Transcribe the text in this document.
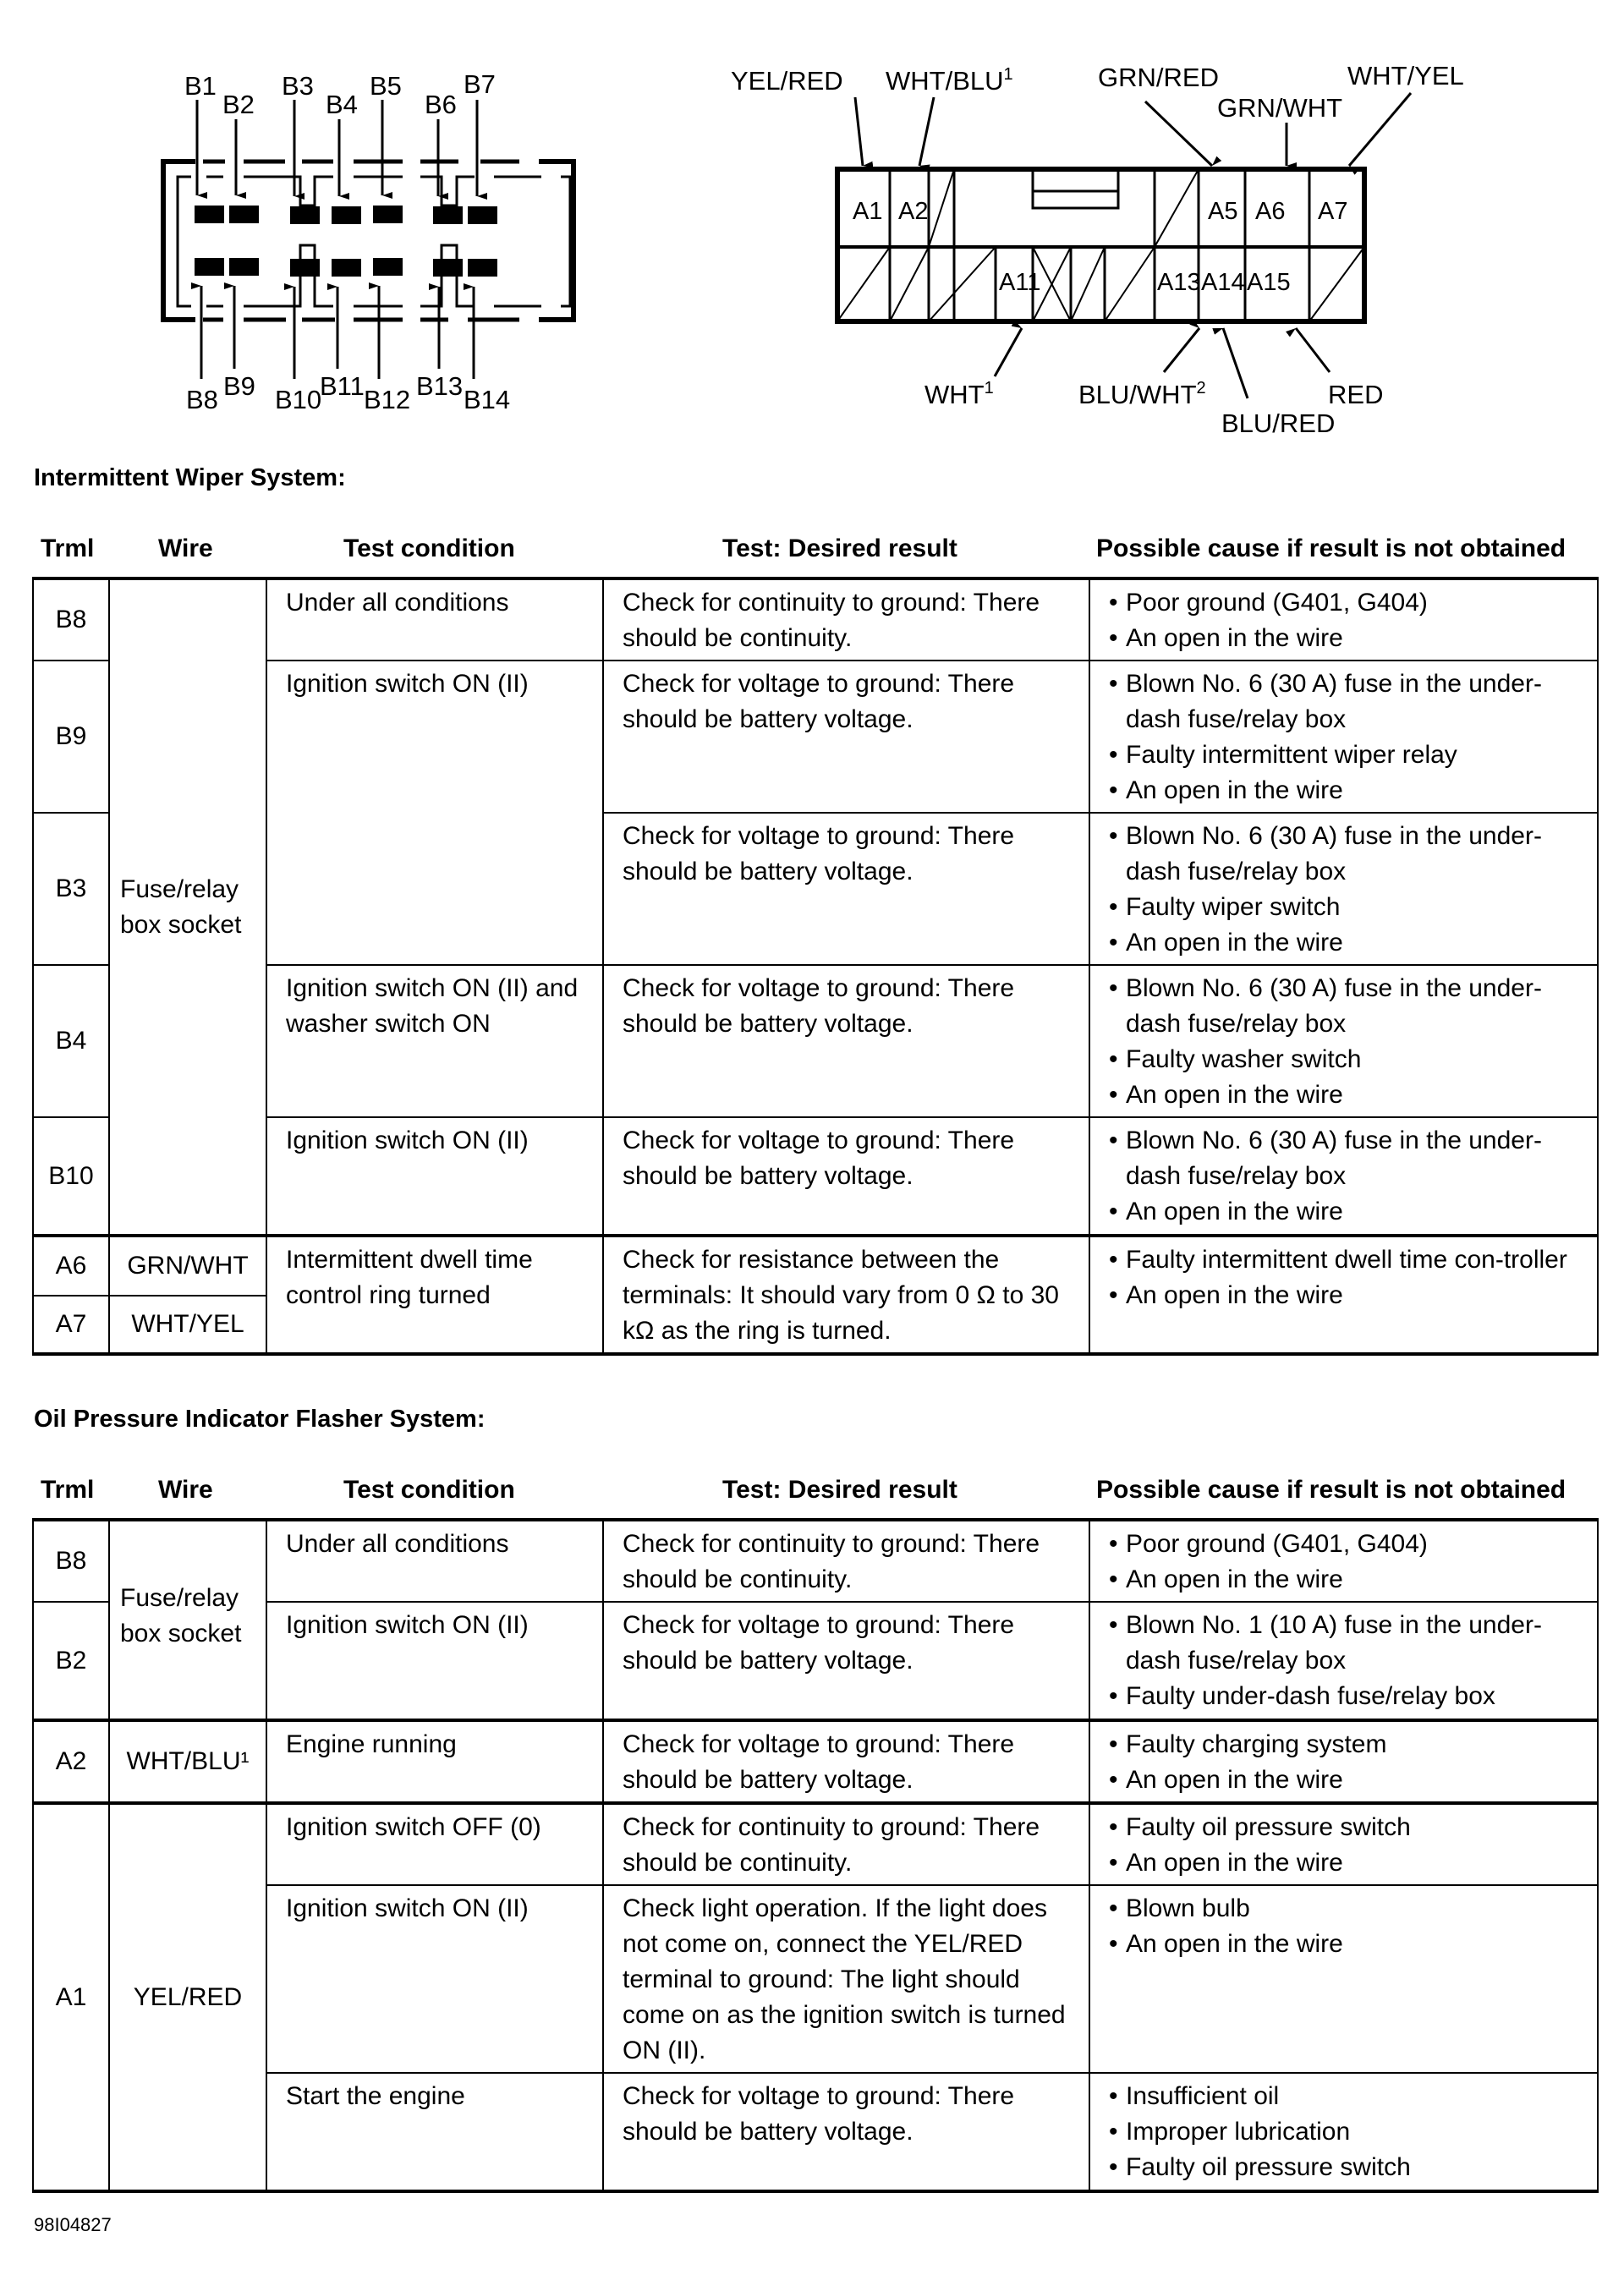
B1
B2
B3
B4
B5
B6
B7
B8 B9 B10
B11 B12 B13 B14
A1 A2	A5 A6 A7
A11	A13 A14 A15
YEL/RED WHT/BLU$^1$	GRN/RED
GRN/WHT
WHT/YEL
WHT$^1$	BLU/WHT$^2$
BLU/RED
RED
Intermittent Wiper System:
Trml	Wire	Test condition	Test: Desired result	Possible cause if result is not obtained
B8	Fuse/relay box socket	Under all conditions	Check for continuity to ground: There should be continuity.	
• Poor ground (G401, G404)
• An open in the wire

B9	Ignition switch ON (II)	Check for voltage to ground: There should be battery voltage.	
• Blown No. 6 (30 A) fuse in the under-dash fuse/relay box
• Faulty intermittent wiper relay
• An open in the wire

B3	Check for voltage to ground: There should be battery voltage.	
• Blown No. 6 (30 A) fuse in the under-dash fuse/relay box
• Faulty wiper switch
• An open in the wire

B4	Ignition switch ON (II) and washer switch ON	Check for voltage to ground: There should be battery voltage.	
• Blown No. 6 (30 A) fuse in the under-dash fuse/relay box
• Faulty washer switch
• An open in the wire

B10	Ignition switch ON (II)	Check for voltage to ground: There should be battery voltage.	
• Blown No. 6 (30 A) fuse in the under-dash fuse/relay box
• An open in the wire

A6	GRN/WHT	Intermittent dwell time control ring turned	Check for resistance between the terminals: It should vary from 0 Ω to 30 kΩ as the ring is turned.	
• Faulty intermittent dwell time con-troller
• An open in the wire

A7	WHT/YEL			
Oil Pressure Indicator Flasher System:
Trml	Wire	Test condition	Test: Desired result	Possible cause if result is not obtained
B8	Fuse/relay box socket	Under all conditions	Check for continuity to ground: There should be continuity.	
• Poor ground (G401, G404)
• An open in the wire

B2	Ignition switch ON (II)	Check for voltage to ground: There should be battery voltage.	
• Blown No. 1 (10 A) fuse in the under-dash fuse/relay box
• Faulty under-dash fuse/relay box

A2	WHT/BLU¹	Engine running	Check for voltage to ground: There should be battery voltage.	
• Faulty charging system
• An open in the wire

A1	YEL/RED	Ignition switch OFF (0)	Check for continuity to ground: There should be continuity.	
• Faulty oil pressure switch
• An open in the wire

Ignition switch ON (II)	Check light operation. If the light does not come on, connect the YEL/RED terminal to ground: The light should come on as the ignition switch is turned ON (II).	
• Blown bulb
• An open in the wire

Start the engine	Check for voltage to ground: There should be battery voltage.	
• Insufficient oil
• Improper lubrication
• Faulty oil pressure switch
98I04827
